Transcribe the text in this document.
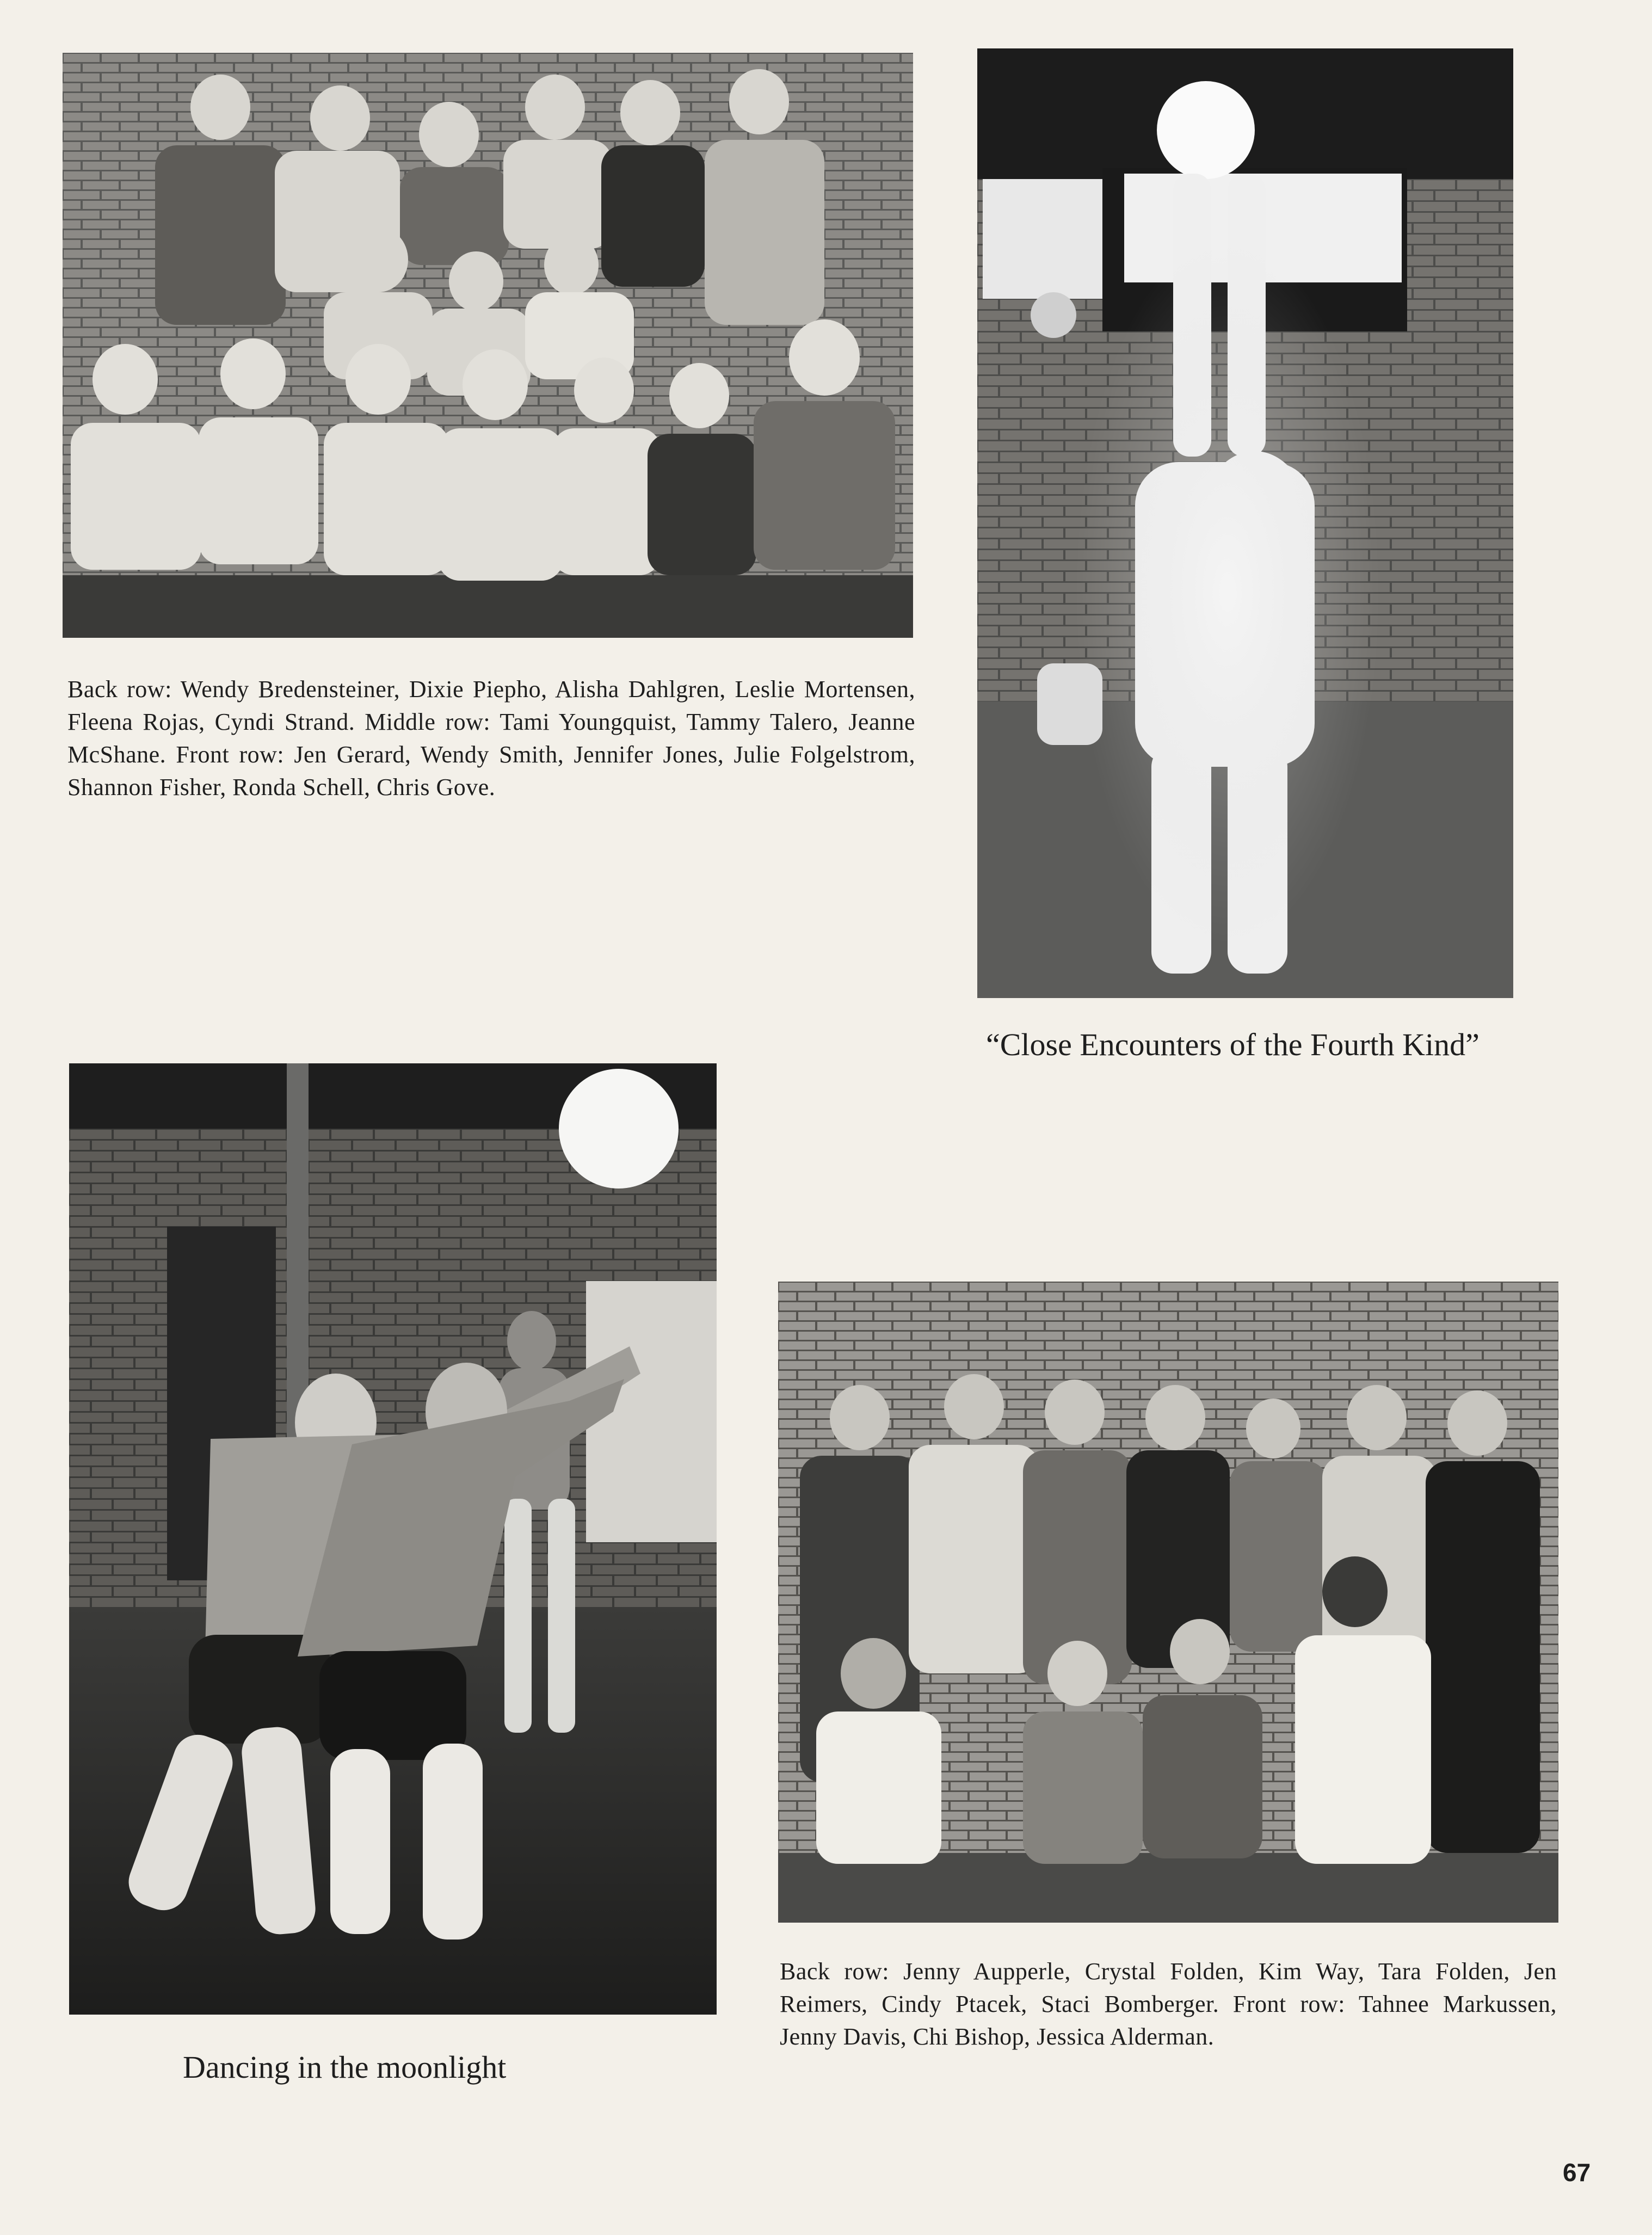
Back row: Wendy Bredensteiner, Dixie Piepho, Alisha Dahlgren, Leslie Mortensen, Fleena Rojas, Cyndi Strand. Middle row: Tami Youngquist, Tammy Talero, Jeanne McShane. Front row: Jen Gerard, Wendy Smith, Jennifer Jones, Julie Folgelstrom, Shannon Fisher, Ronda Schell, Chris Gove.
“Close Encounters of the Fourth Kind”
Dancing in the moonlight
Back row: Jenny Aupperle, Crystal Folden, Kim Way, Tara Folden, Jen Reimers, Cindy Ptacek, Staci Bomberger. Front row: Tahnee Markussen, Jenny Davis, Chi Bishop, Jessica Alderman.
67
